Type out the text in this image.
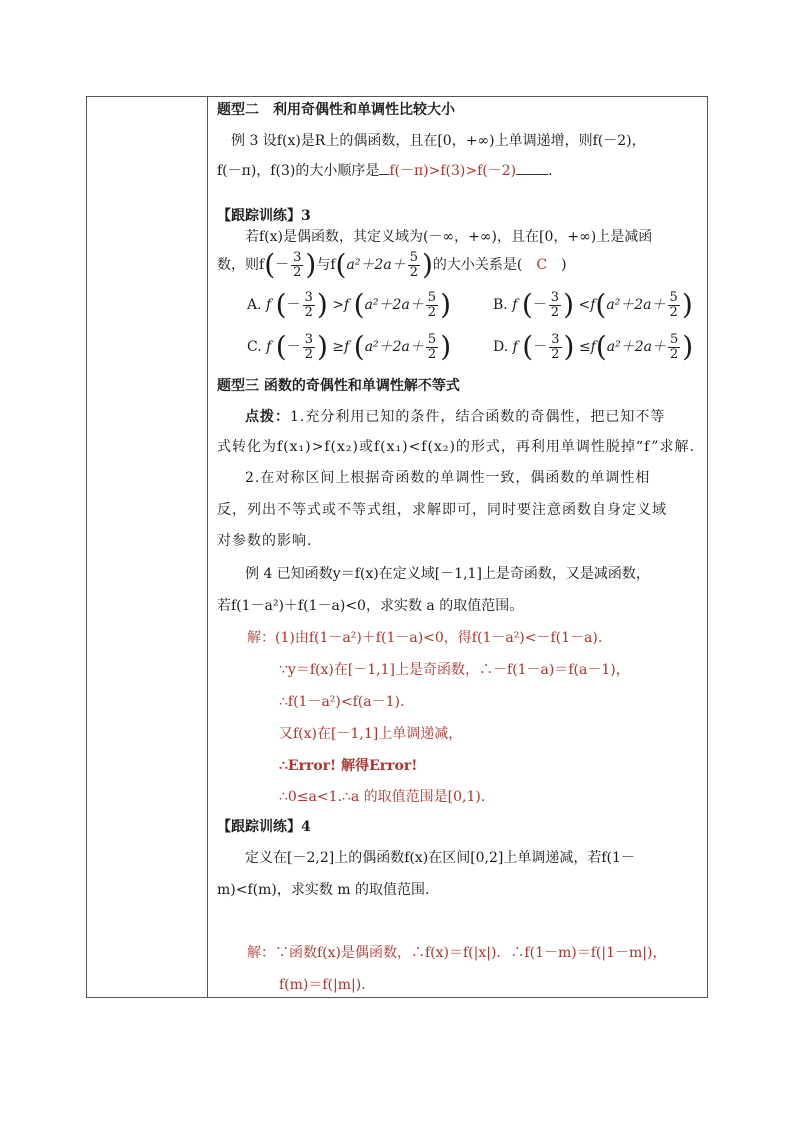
题型二　利用奇偶性和单调性比较大小
例 3 设f(x)是R上的偶函数，且在[0，+∞)上单调递增，则f(－2)，
f(－π)，f(3)的大小顺序是 f(－π)>f(3)>f(－2) .
【跟踪训练】3
若f(x)是偶函数，其定义域为(－∞，+∞)，且在[0，+∞)上是减函
数，则$f(- \frac{3}{2}$ )与$f(a^2+2a+ \frac{5}{2}$ )的大小关系是( C )
A. f (－ $\frac{3}{2}$ ) >f ($a^2+2a+ \frac{5}{2}$ )	B. f (－ $\frac{3}{2}$ ) $<f(a^2+2a+ \frac{5}{2}$ )
C. f (－ $\frac{3}{2}$ ) ≥f ($a^2+2a+ \frac{5}{2}$ )	D. f (－ $\frac{3}{2}$ ) $\le f(a^2+2a+ \frac{5}{2}$ )
题型三 函数的奇偶性和单调性解不等式
点拨：1.充分利用已知的条件，结合函数的奇偶性，把已知不等
式转化为f(x₁)>f(x₂)或f(x₁)<f(x₂)的形式，再利用单调性脱掉“f”求解.
2.在对称区间上根据奇函数的单调性一致，偶函数的单调性相
反，列出不等式或不等式组，求解即可，同时要注意函数自身定义域
对参数的影响.
例 4 已知函数y＝f(x)在定义域[－1,1]上是奇函数，又是减函数，
若f(1－a²)＋f(1－a)<0，求实数 a 的取值范围。
解：(1)由f(1－a²)＋f(1－a)<0，得f(1－a²)<－f(1－a).
∵y＝f(x)在[－1,1]上是奇函数，∴－f(1－a)＝f(a－1)，
∴f(1－a²)<f(a－1).
又f(x)在[－1,1]上单调递减，
∴Error! 解得Error!
∴0≤a<1.∴a 的取值范围是[0,1).
【跟踪训练】4
定义在[－2,2]上的偶函数f(x)在区间[0,2]上单调递减，若f(1－
m)<f(m)，求实数 m 的取值范围.
解：∵函数f(x)是偶函数，∴f(x)＝f(|x|)．∴f(1－m)＝f(|1－m|)，
f(m)＝f(|m|).
